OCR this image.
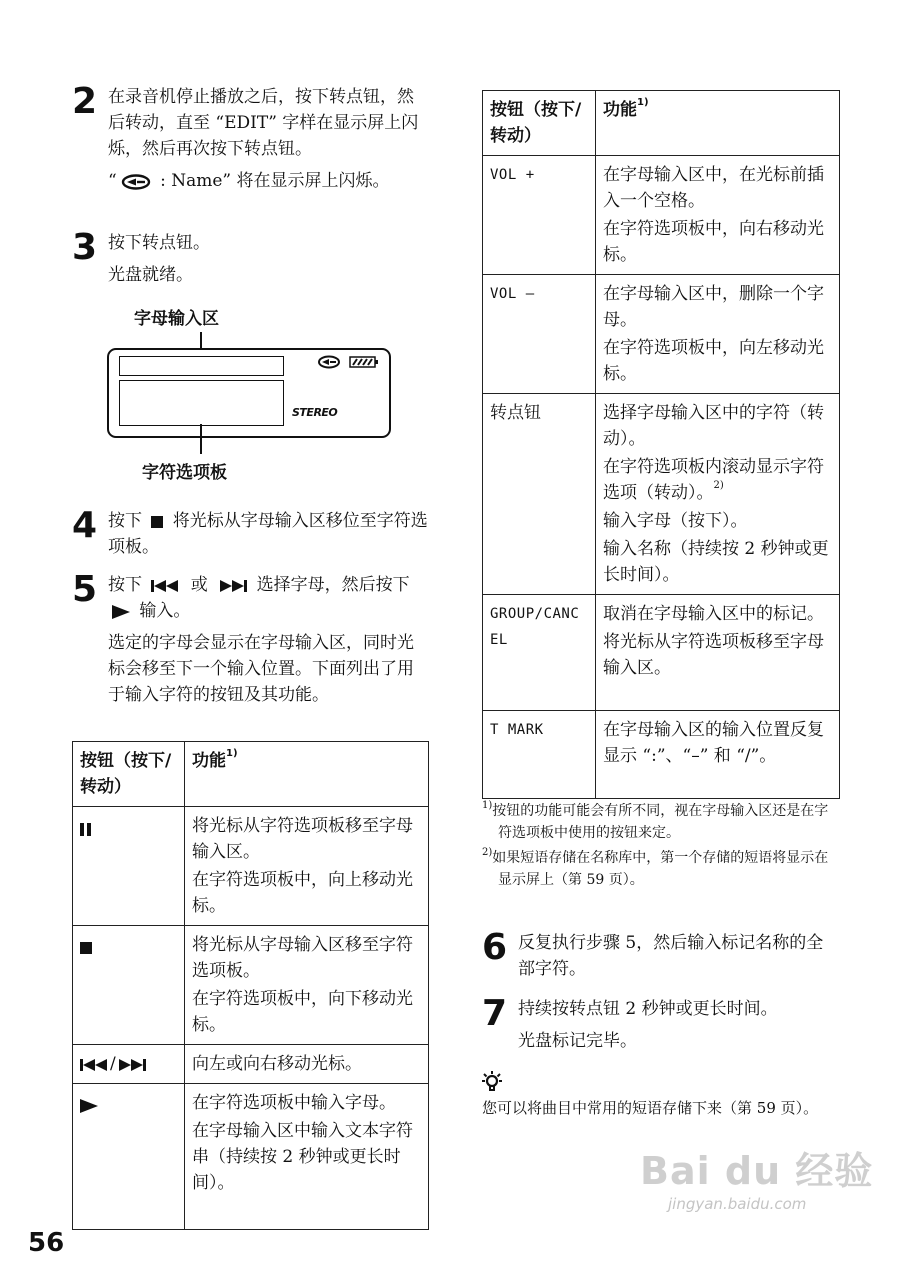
2 在录音机停止播放之后，按下转点钮，然后转动，直至 “EDIT” 字样在显示屏上闪烁，然后再次按下转点钮。

“ : Name” 将在显示屏上闪烁。

3 按下转点钮。

光盘就绪。

字母输入区
STEREO
字符选项板
4 按下  将光标从字母输入区移位至字符选项板。

5 按下  或  选择字母，然后按下  输入。

选定的字母会显示在字母输入区，同时光标会移至下一个输入位置。下面列出了用于输入字符的按钮及其功能。

按钮（按下/转动）	功能$^{1)}$

	将光标从字符选项板移至字母输入区。

在字符选项板中，向上移动光标。

	将光标从字母输入区移至字符选项板。

在字符选项板中，向下移动光标。

/	向左或向右移动光标。

	在字符选项板中输入字母。

在字母输入区中输入文本字符串（持续按 2 秒钟或更长时间）。

按钮（按下/转动）	功能$^{1)}$
VOL +	在字母输入区中，在光标前插入一个空格。

在字符选项板中，向右移动光标。

VOL –	在字母输入区中，删除一个字母。

在字符选项板中，向左移动光标。

转点钮	选择字母输入区中的字符（转动）。

在字符选项板内滚动显示字符选项（转动）。$^{2)}$

输入字母（按下）。

输入名称（持续按 2 秒钟或更长时间）。

GROUP/CANCEL	取消在字母输入区中的标记。

将光标从字符选项板移至字母输入区。

T MARK	在字母输入区的输入位置反复显示 “:”、“–” 和 “/”。

$^{1)}$按钮的功能可能会有所不同，视在字母输入区还是在字符选项板中使用的按钮来定。

$^{2)}$如果短语存储在名称库中，第一个存储的短语将显示在显示屏上（第 59 页）。

6 反复执行步骤 5，然后输入标记名称的全部字符。

7 持续按转点钮 2 秒钟或更长时间。

光盘标记完毕。

您可以将曲目中常用的短语存储下来（第 59 页）。
Bai du 经验
jingyan.baidu.com
56
